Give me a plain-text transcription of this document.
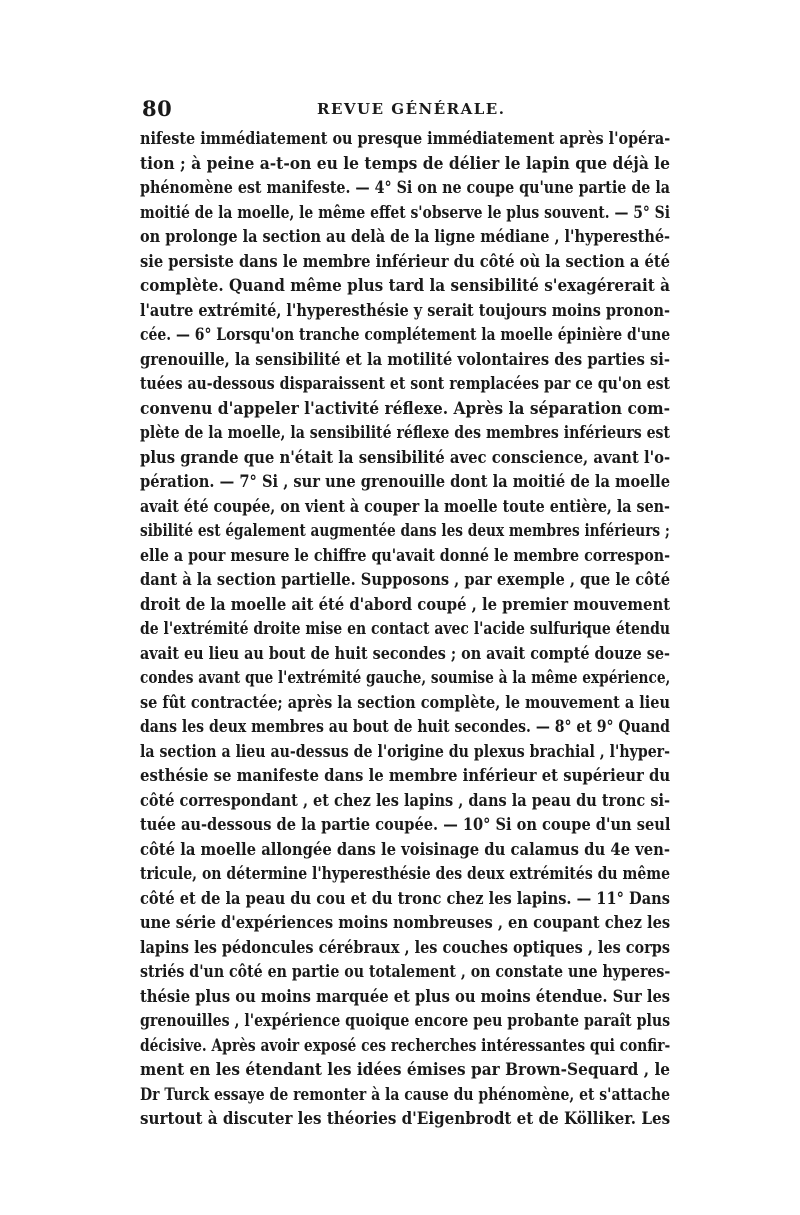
80	REVUE GÉNÉRALE.
nifeste immédiatement ou presque immédiatement après l'opéra-
tion ; à peine a-t-on eu le temps de délier le lapin que déjà le
phénomène est manifeste. — 4° Si on ne coupe qu'une partie de la
moitié de la moelle, le même effet s'observe le plus souvent. — 5° Si
on prolonge la section au delà de la ligne médiane , l'hyperesthé-
sie persiste dans le membre inférieur du côté où la section a été
complète. Quand même plus tard la sensibilité s'exagérerait à
l'autre extrémité, l'hyperesthésie y serait toujours moins pronon-
cée. — 6° Lorsqu'on tranche complétement la moelle épinière d'une
grenouille, la sensibilité et la motilité volontaires des parties si-
tuées au-dessous disparaissent et sont remplacées par ce qu'on est
convenu d'appeler l'activité réflexe. Après la séparation com-
plète de la moelle, la sensibilité réflexe des membres inférieurs est
plus grande que n'était la sensibilité avec conscience, avant l'o-
pération. — 7° Si , sur une grenouille dont la moitié de la moelle
avait été coupée, on vient à couper la moelle toute entière, la sen-
sibilité est également augmentée dans les deux membres inférieurs ;
elle a pour mesure le chiffre qu'avait donné le membre correspon-
dant à la section partielle. Supposons , par exemple , que le côté
droit de la moelle ait été d'abord coupé , le premier mouvement
de l'extrémité droite mise en contact avec l'acide sulfurique étendu
avait eu lieu au bout de huit secondes ; on avait compté douze se-
condes avant que l'extrémité gauche, soumise à la même expérience,
se fût contractée; après la section complète, le mouvement a lieu
dans les deux membres au bout de huit secondes. — 8° et 9° Quand
la section a lieu au-dessus de l'origine du plexus brachial , l'hyper-
esthésie se manifeste dans le membre inférieur et supérieur du
côté correspondant , et chez les lapins , dans la peau du tronc si-
tuée au-dessous de la partie coupée. — 10° Si on coupe d'un seul
côté la moelle allongée dans le voisinage du calamus du 4e ven-
tricule, on détermine l'hyperesthésie des deux extrémités du même
côté et de la peau du cou et du tronc chez les lapins. — 11° Dans
une série d'expériences moins nombreuses , en coupant chez les
lapins les pédoncules cérébraux , les couches optiques , les corps
striés d'un côté en partie ou totalement , on constate une hyperes-
thésie plus ou moins marquée et plus ou moins étendue. Sur les
grenouilles , l'expérience quoique encore peu probante paraît plus
décisive. Après avoir exposé ces recherches intéressantes qui confir-
ment en les étendant les idées émises par Brown-Sequard , le
Dr Turck essaye de remonter à la cause du phénomène, et s'attache
surtout à discuter les théories d'Eigenbrodt et de Kölliker. Les
